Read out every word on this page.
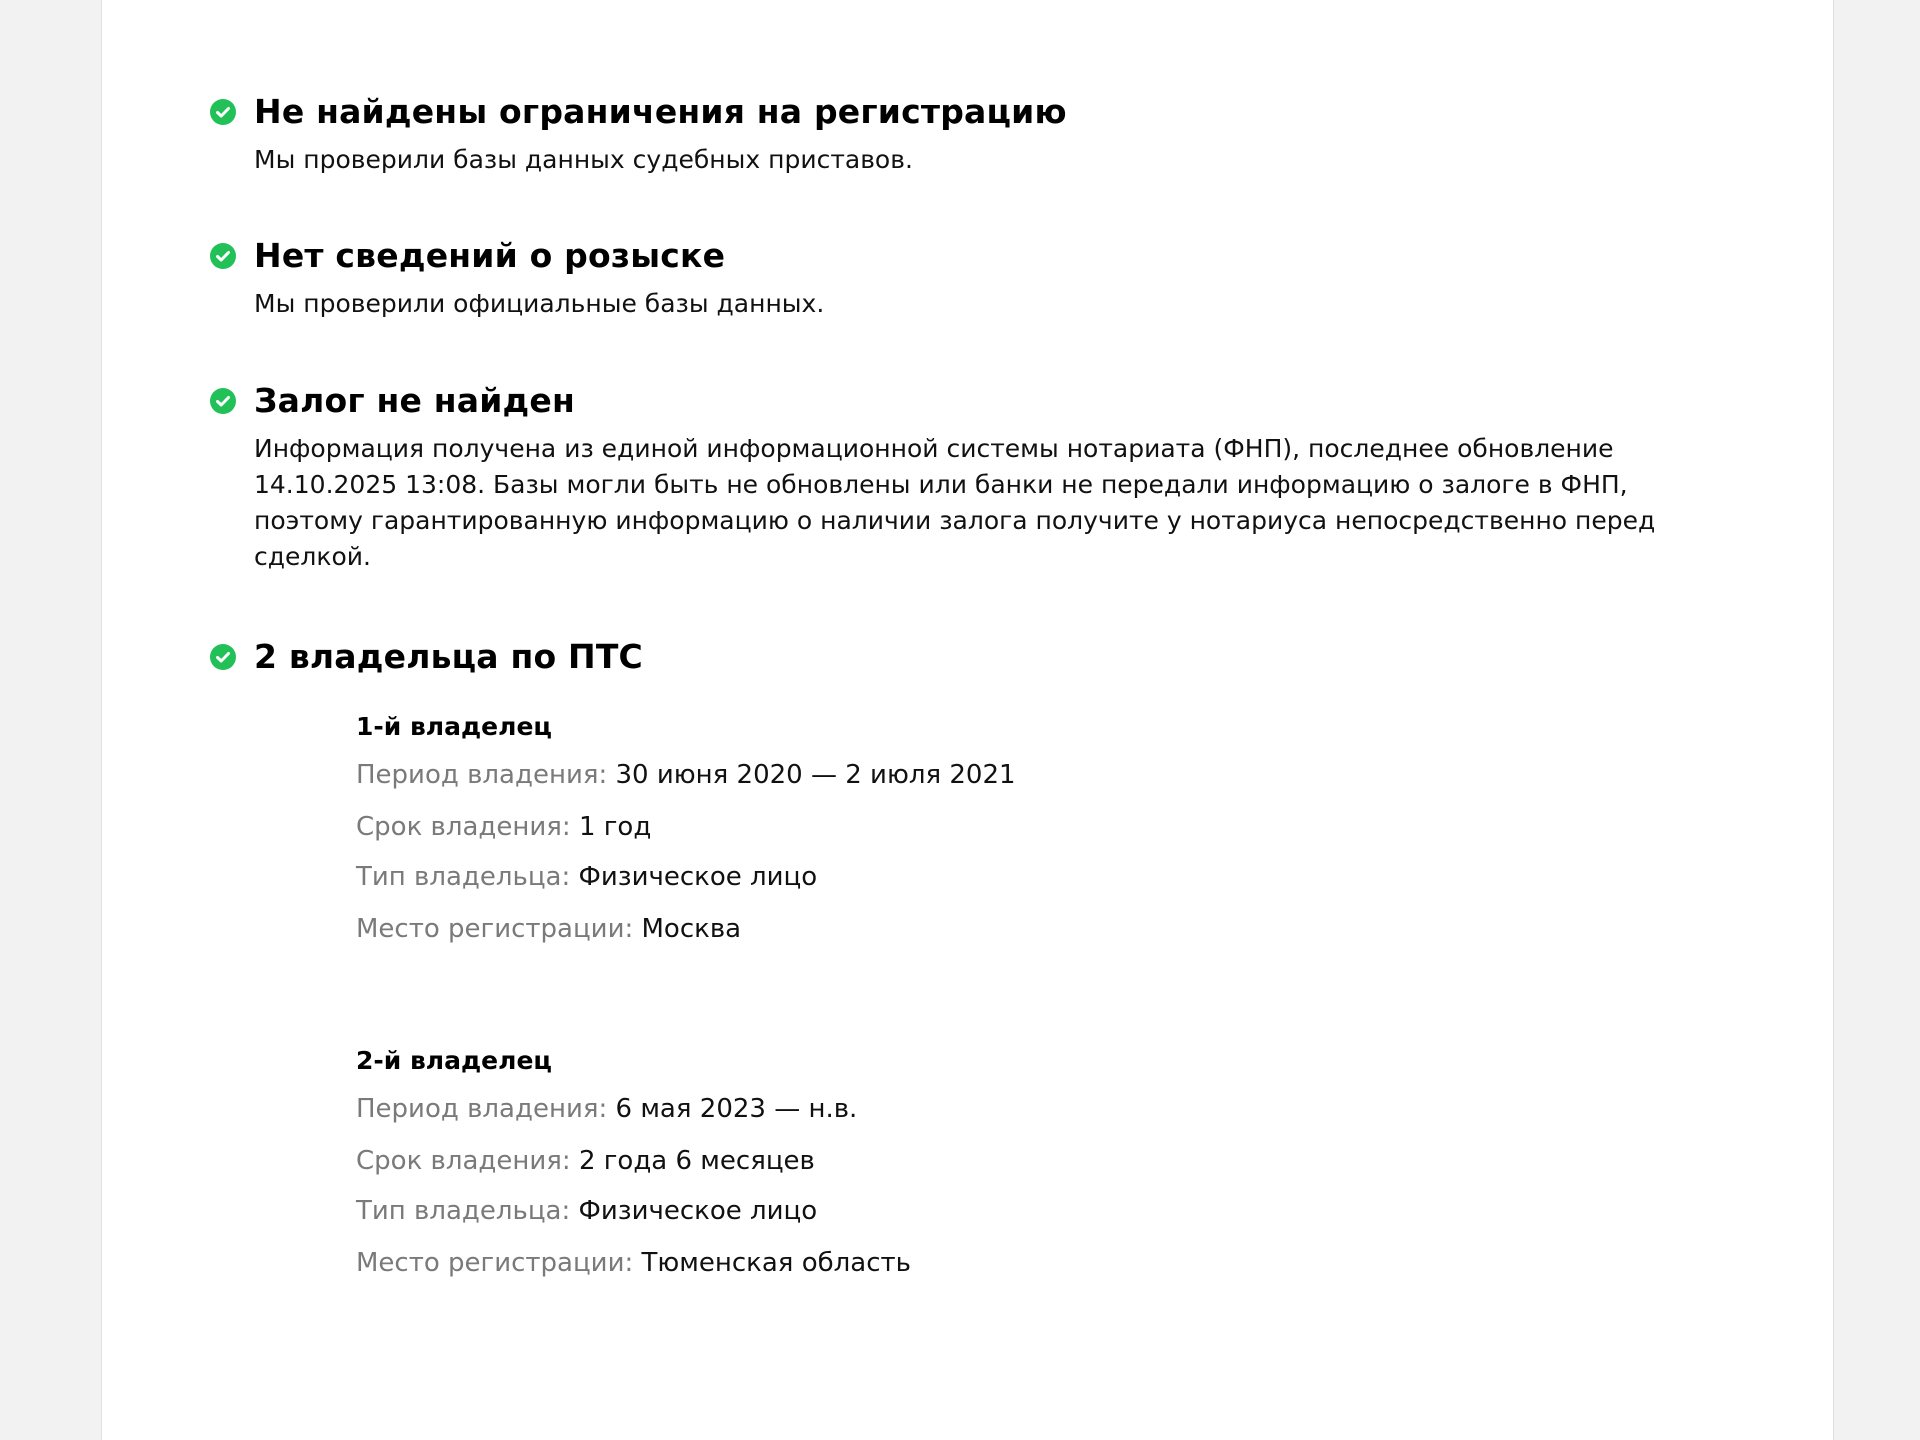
Не найдены ограничения на регистрацию

Мы проверили базы данных судебных приставов.

Нет сведений о розыске

Мы проверили официальные базы данных.

Залог не найден

Информация получена из единой информационной системы нотариата (ФНП), последнее обновление 14.10.2025 13:08. Базы могли быть не обновлены или банки не передали информацию о залоге в ФНП, поэтому гарантированную информацию о наличии залога получите у нотариуса непосредственно перед сделкой.

2 владельца по ПТС

1-й владелец

Период владения: 30 июня 2020 — 2 июля 2021

Срок владения: 1 год

Тип владельца: Физическое лицо

Место регистрации: Москва

2-й владелец

Период владения: 6 мая 2023 — н.в.

Срок владения: 2 года 6 месяцев

Тип владельца: Физическое лицо

Место регистрации: Тюменская область
